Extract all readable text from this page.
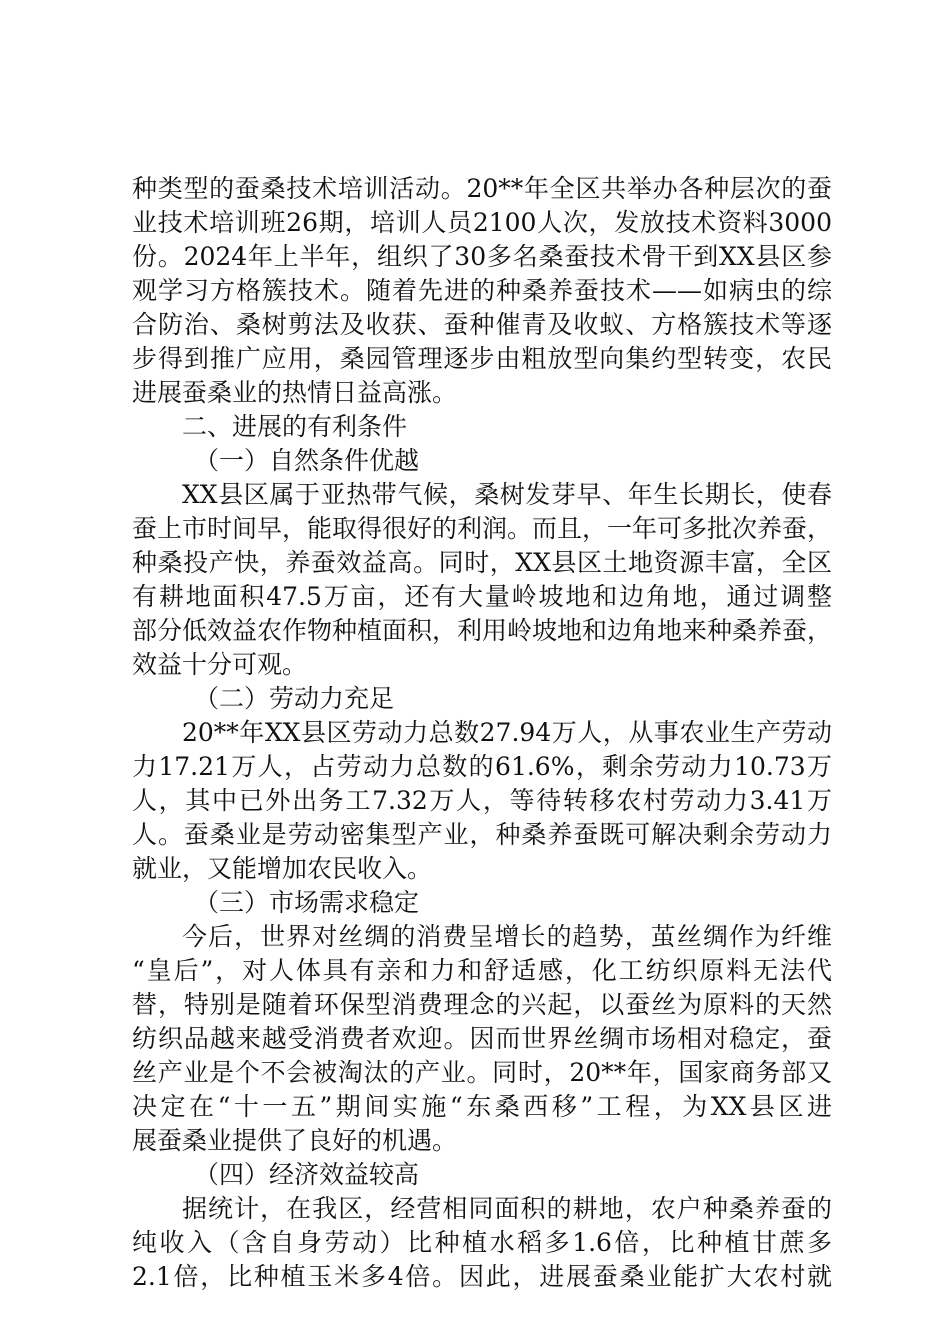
种类型的蚕桑技术培训活动。20**年全区共举办各种层次的蚕
业技术培训班26期，培训人员2100人次，发放技术资料3000
份。2024年上半年，组织了30多名桑蚕技术骨干到XX县区参
观学习方格簇技术。随着先进的种桑养蚕技术——如病虫的综
合防治、桑树剪法及收获、蚕种催青及收蚁、方格簇技术等逐
步得到推广应用，桑园管理逐步由粗放型向集约型转变，农民
进展蚕桑业的热情日益高涨。
二、进展的有利条件
（一）自然条件优越
XX县区属于亚热带气候，桑树发芽早、年生长期长，使春
蚕上市时间早，能取得很好的利润。而且，一年可多批次养蚕，
种桑投产快，养蚕效益高。同时，XX县区土地资源丰富，全区
有耕地面积47.5万亩，还有大量岭坡地和边角地，通过调整
部分低效益农作物种植面积，利用岭坡地和边角地来种桑养蚕，
效益十分可观。
（二）劳动力充足
20**年XX县区劳动力总数27.94万人，从事农业生产劳动
力17.21万人，占劳动力总数的61.6%，剩余劳动力10.73万
人，其中已外出务工7.32万人，等待转移农村劳动力3.41万
人。蚕桑业是劳动密集型产业，种桑养蚕既可解决剩余劳动力
就业，又能增加农民收入。
（三）市场需求稳定
今后，世界对丝绸的消费呈增长的趋势，茧丝绸作为纤维
“皇后”，对人体具有亲和力和舒适感，化工纺织原料无法代
替，特别是随着环保型消费理念的兴起，以蚕丝为原料的天然
纺织品越来越受消费者欢迎。因而世界丝绸市场相对稳定，蚕
丝产业是个不会被淘汰的产业。同时，20**年，国家商务部又
决定在“十一五”期间实施“东桑西移”工程，为XX县区进
展蚕桑业提供了良好的机遇。
（四）经济效益较高
据统计，在我区，经营相同面积的耕地，农户种桑养蚕的
纯收入（含自身劳动）比种植水稻多1.6倍，比种植甘蔗多
2.1倍，比种植玉米多4倍。因此，进展蚕桑业能扩大农村就
